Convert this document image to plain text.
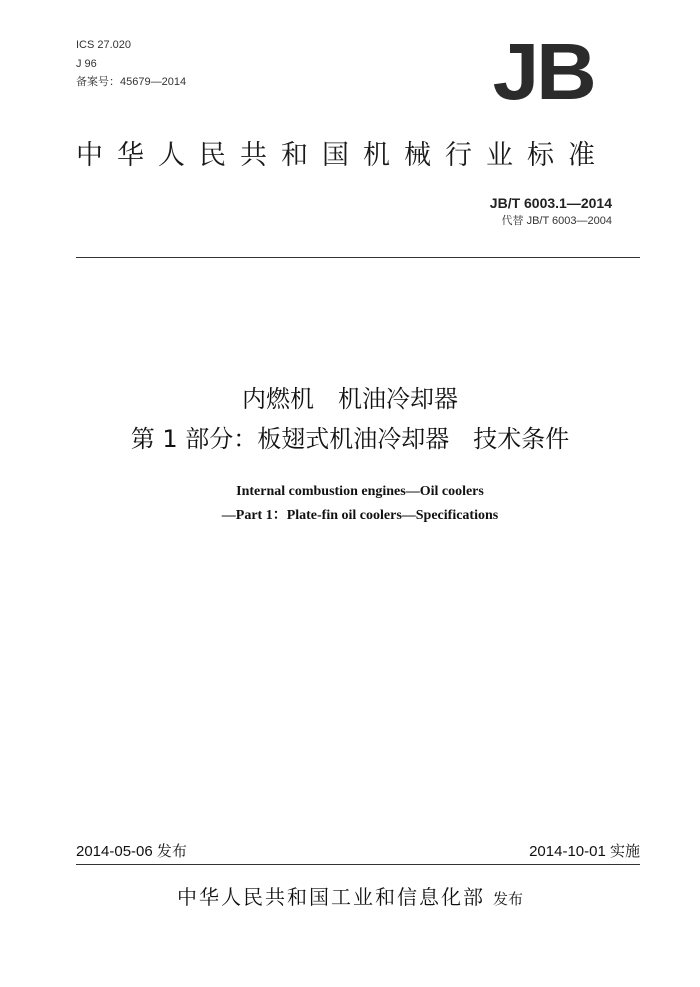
ICS 27.020
J 96
备案号：45679—2014	JB
中华人民共和国机械行业标准
JB/T 6003.1—2014
代替 JB/T 6003—2004
内燃机　机油冷却器
第 1 部分：板翅式机油冷却器　技术条件
Internal combustion engines—Oil coolers
—Part 1：Plate-fin oil coolers—Specifications
2014-05-06 发布	2014-10-01 实施
中华人民共和国工业和信息化部 发布
